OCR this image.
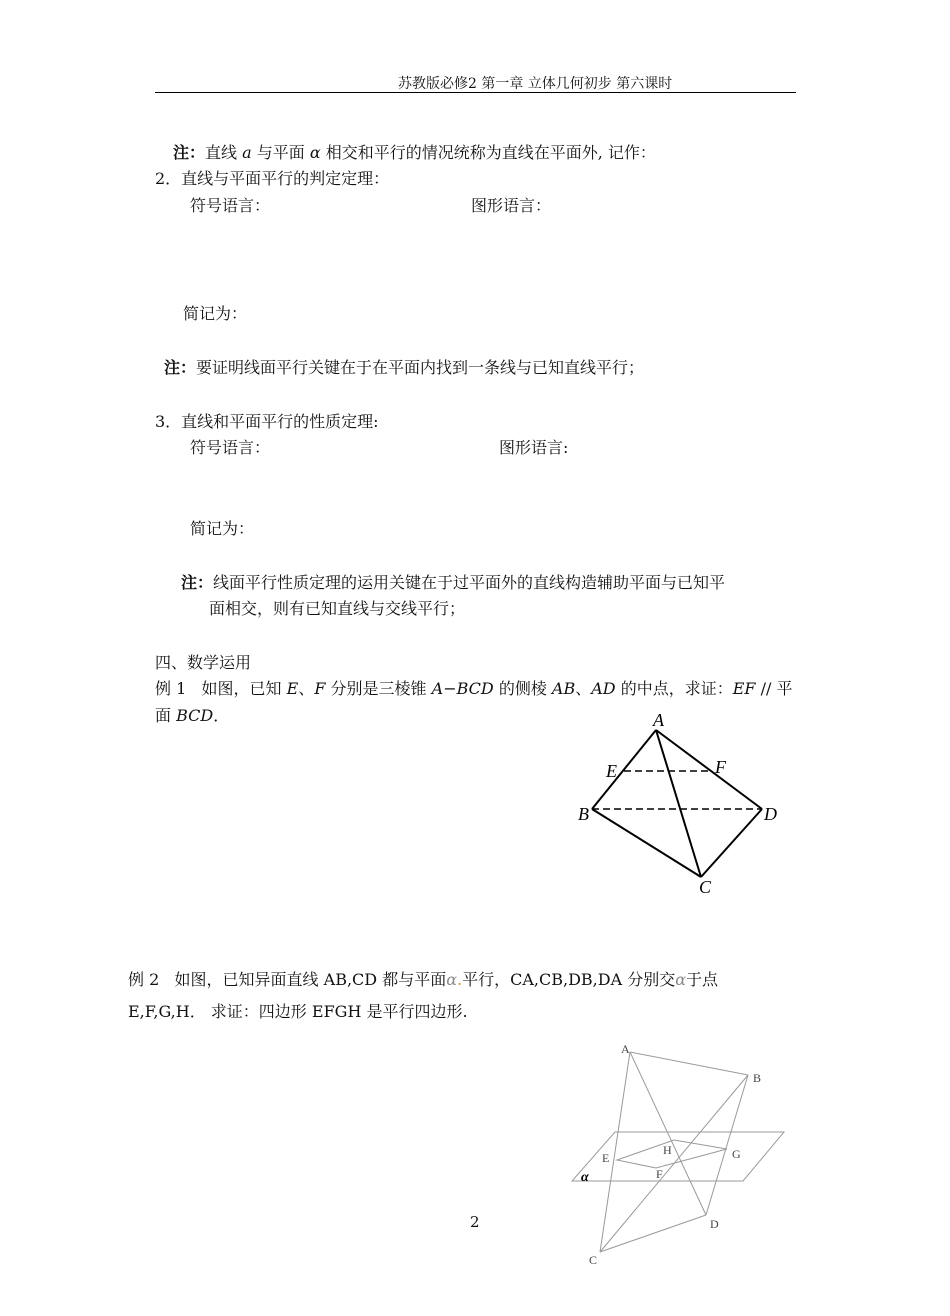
苏教版必修2 第一章 立体几何初步 第六课时
注：直线 a 与平面 α 相交和平行的情况统称为直线在平面外, 记作：
2．直线与平面平行的判定定理：
符号语言：	图形语言：
简记为：
注：要证明线面平行关键在于在平面内找到一条线与已知直线平行；
3．直线和平面平行的性质定理:
符号语言：	图形语言:
简记为：
注：线面平行性质定理的运用关键在于过平面外的直线构造辅助平面与已知平
面相交，则有已知直线与交线平行；
四、数学运用
例 1 如图，已知 E、F 分别是三棱锥 A−BCD 的侧棱 AB、AD 的中点，求证：EF // 平
面 BCD．	A
E	F
B	D
C
例 2 如图，已知异面直线 AB,CD 都与平面α.平行，CA,CB,DB,DA 分别交α于点
E,F,G,H． 求证：四边形 EFGH 是平行四边形.
A
B
H
E	G
F
D
C
α
2
